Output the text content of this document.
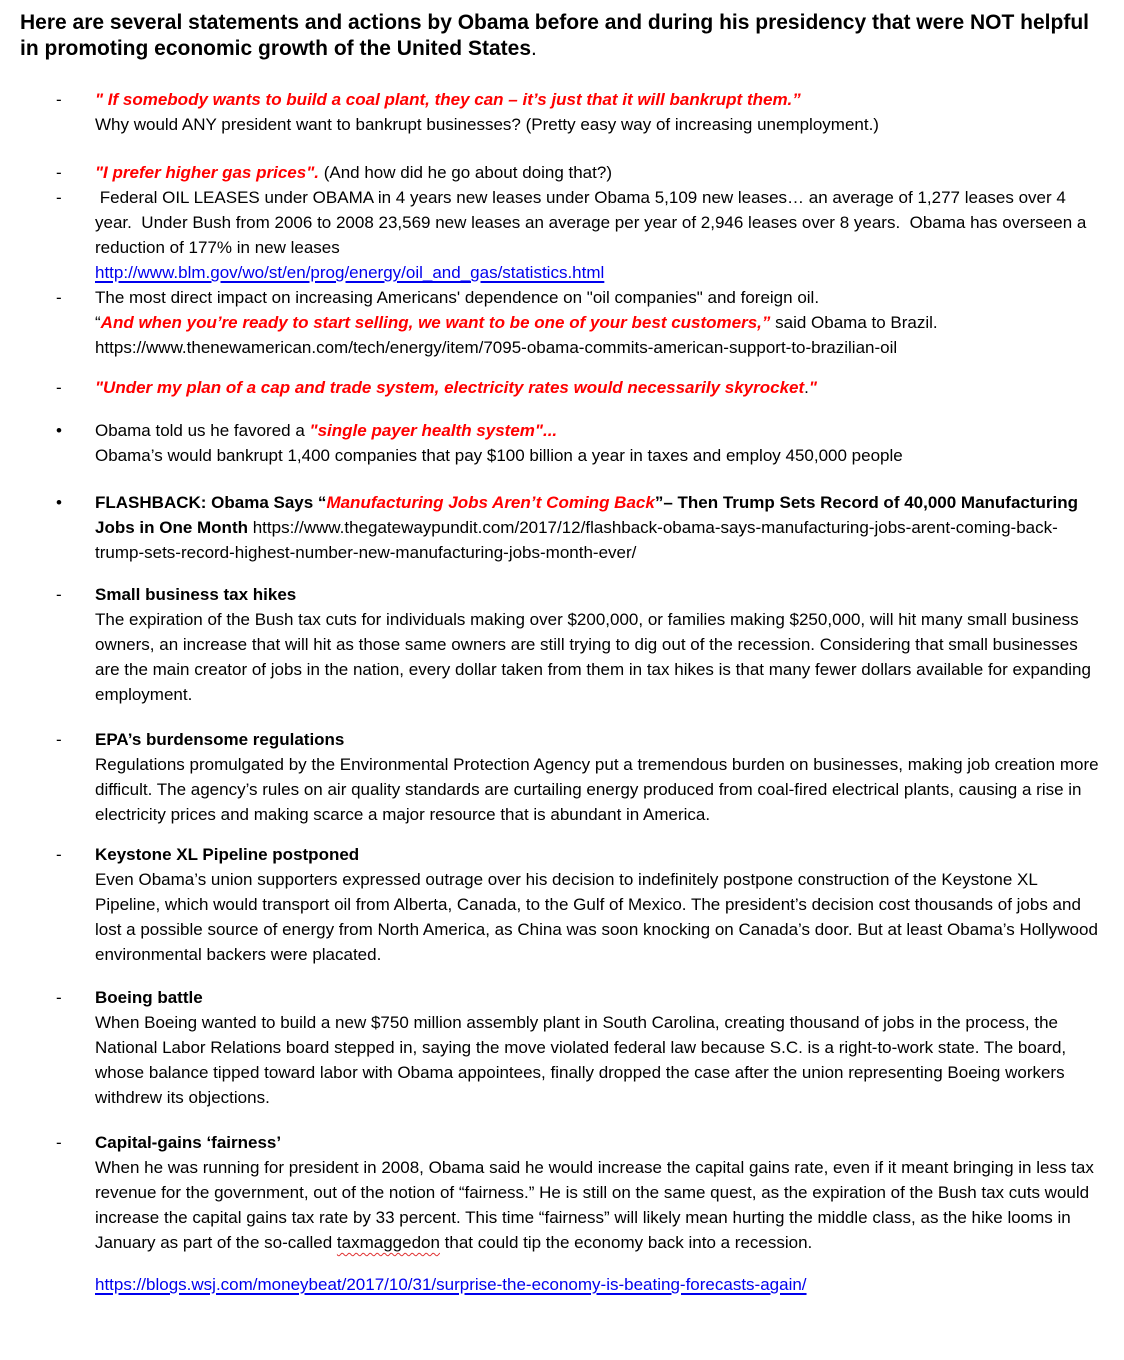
Here are several statements and actions by Obama before and during his presidency that were NOT helpful in promoting economic growth of the United States.
-	" If somebody wants to build a coal plant, they can – it’s just that it will bankrupt them.”

Why would ANY president want to bankrupt businesses? (Pretty easy way of increasing unemployment.)

-	"I prefer higher gas prices". (And how did he go about doing that?)

-	Federal OIL LEASES under OBAMA in 4 years new leases under Obama 5,109 new leases… an average of 1,277 leases over 4 year.  Under Bush from 2006 to 2008 23,569 new leases an average per year of 2,946 leases over 8 years.  Obama has overseen a reduction of 177% in new leases

http://www.blm.gov/wo/st/en/prog/energy/oil_and_gas/statistics.html

-	The most direct impact on increasing Americans' dependence on "oil companies" and foreign oil.

“And when you’re ready to start selling, we want to be one of your best customers,” said Obama to Brazil.

https://www.thenewamerican.com/tech/energy/item/7095-obama-commits-american-support-to-brazilian-oil

-	"Under my plan of a cap and trade system, electricity rates would necessarily skyrocket."

•	Obama told us he favored a "single payer health system"...

Obama’s would bankrupt 1,400 companies that pay $100 billion a year in taxes and employ 450,000 people

•	FLASHBACK: Obama Says “Manufacturing Jobs Aren’t Coming Back”– Then Trump Sets Record of 40,000 Manufacturing Jobs in One Month https://www.thegatewaypundit.com/2017/12/flashback-obama-says-manufacturing-jobs-arent-coming-back-trump-sets-record-highest-number-new-manufacturing-jobs-month-ever/

-	Small business tax hikes

The expiration of the Bush tax cuts for individuals making over $200,000, or families making $250,000, will hit many small business owners, an increase that will hit as those same owners are still trying to dig out of the recession. Considering that small businesses are the main creator of jobs in the nation, every dollar taken from them in tax hikes is that many fewer dollars available for expanding employment.

-	EPA’s burdensome regulations

Regulations promulgated by the Environmental Protection Agency put a tremendous burden on businesses, making job creation more difficult. The agency’s rules on air quality standards are curtailing energy produced from coal-fired electrical plants, causing a rise in electricity prices and making scarce a major resource that is abundant in America.

-	Keystone XL Pipeline postponed

Even Obama’s union supporters expressed outrage over his decision to indefinitely postpone construction of the Keystone XL Pipeline, which would transport oil from Alberta, Canada, to the Gulf of Mexico. The president’s decision cost thousands of jobs and lost a possible source of energy from North America, as China was soon knocking on Canada’s door. But at least Obama’s Hollywood environmental backers were placated.

-	Boeing battle

When Boeing wanted to build a new $750 million assembly plant in South Carolina, creating thousand of jobs in the process, the National Labor Relations board stepped in, saying the move violated federal law because S.C. is a right-to-work state. The board, whose balance tipped toward labor with Obama appointees, finally dropped the case after the union representing Boeing workers withdrew its objections.

-	Capital-gains ‘fairness’

When he was running for president in 2008, Obama said he would increase the capital gains rate, even if it meant bringing in less tax revenue for the government, out of the notion of “fairness.” He is still on the same quest, as the expiration of the Bush tax cuts would increase the capital gains tax rate by 33 percent. This time “fairness” will likely mean hurting the middle class, as the hike looms in January as part of the so-called taxmaggedon that could tip the economy back into a recession.

https://blogs.wsj.com/moneybeat/2017/10/31/surprise-the-economy-is-beating-forecasts-again/
